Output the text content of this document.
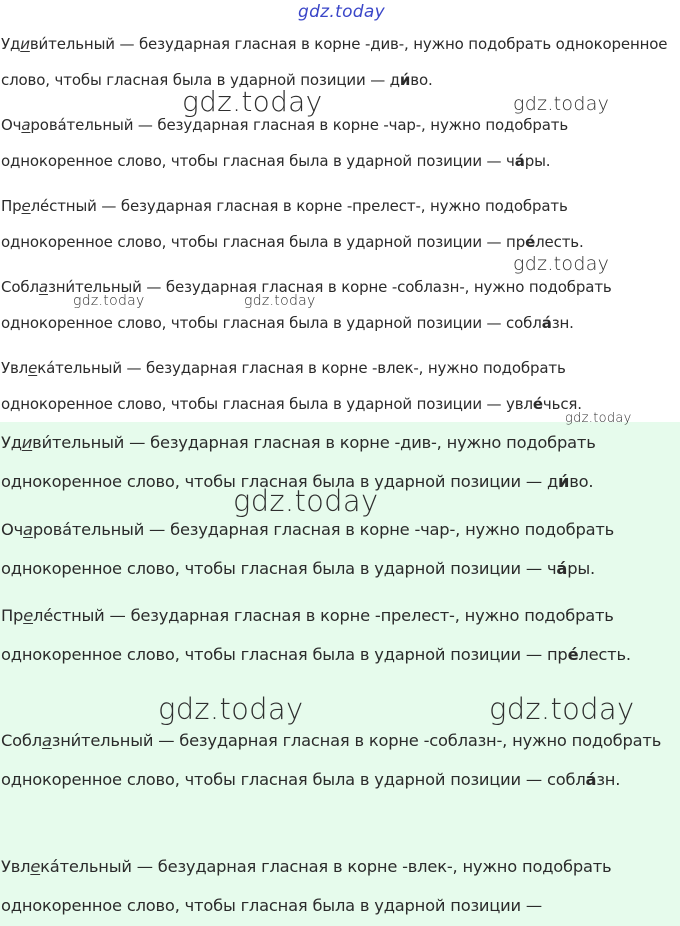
gdz.today

Удиви́тельный — безударная гласная в корне -див-, нужно подобрать однокоренное слово, чтобы гласная была в ударной позиции — ди́во.

Очарова́тельный — безударная гласная в корне -чар-, нужно подобрать однокоренное слово, чтобы гласная была в ударной позиции — ча́ры.

Преле́стный — безударная гласная в корне -прелест-, нужно подобрать однокоренное слово, чтобы гласная была в ударной позиции — пре́лесть.

Соблазни́тельный — безударная гласная в корне -соблазн-, нужно подобрать однокоренное слово, чтобы гласная была в ударной позиции — собла́зн.

Увлека́тельный — безударная гласная в корне -влек-, нужно подобрать однокоренное слово, чтобы гласная была в ударной позиции — увле́чься.

Удиви́тельный — безударная гласная в корне -див-, нужно подобрать однокоренное слово, чтобы гласная была в ударной позиции — ди́во.

Очарова́тельный — безударная гласная в корне -чар-, нужно подобрать однокоренное слово, чтобы гласная была в ударной позиции — ча́ры.

Преле́стный — безударная гласная в корне -прелест-, нужно подобрать однокоренное слово, чтобы гласная была в ударной позиции — пре́лесть.

Соблазни́тельный — безударная гласная в корне -соблазн-, нужно подобрать однокоренное слово, чтобы гласная была в ударной позиции — собла́зн.

Увлека́тельный — безударная гласная в корне -влек-, нужно подобрать однокоренное слово, чтобы гласная была в ударной позиции —

gdz.today	gdz.today
gdz.today
gdz.today	gdz.today
gdz.today
gdz.today
gdz.today	gdz.today
